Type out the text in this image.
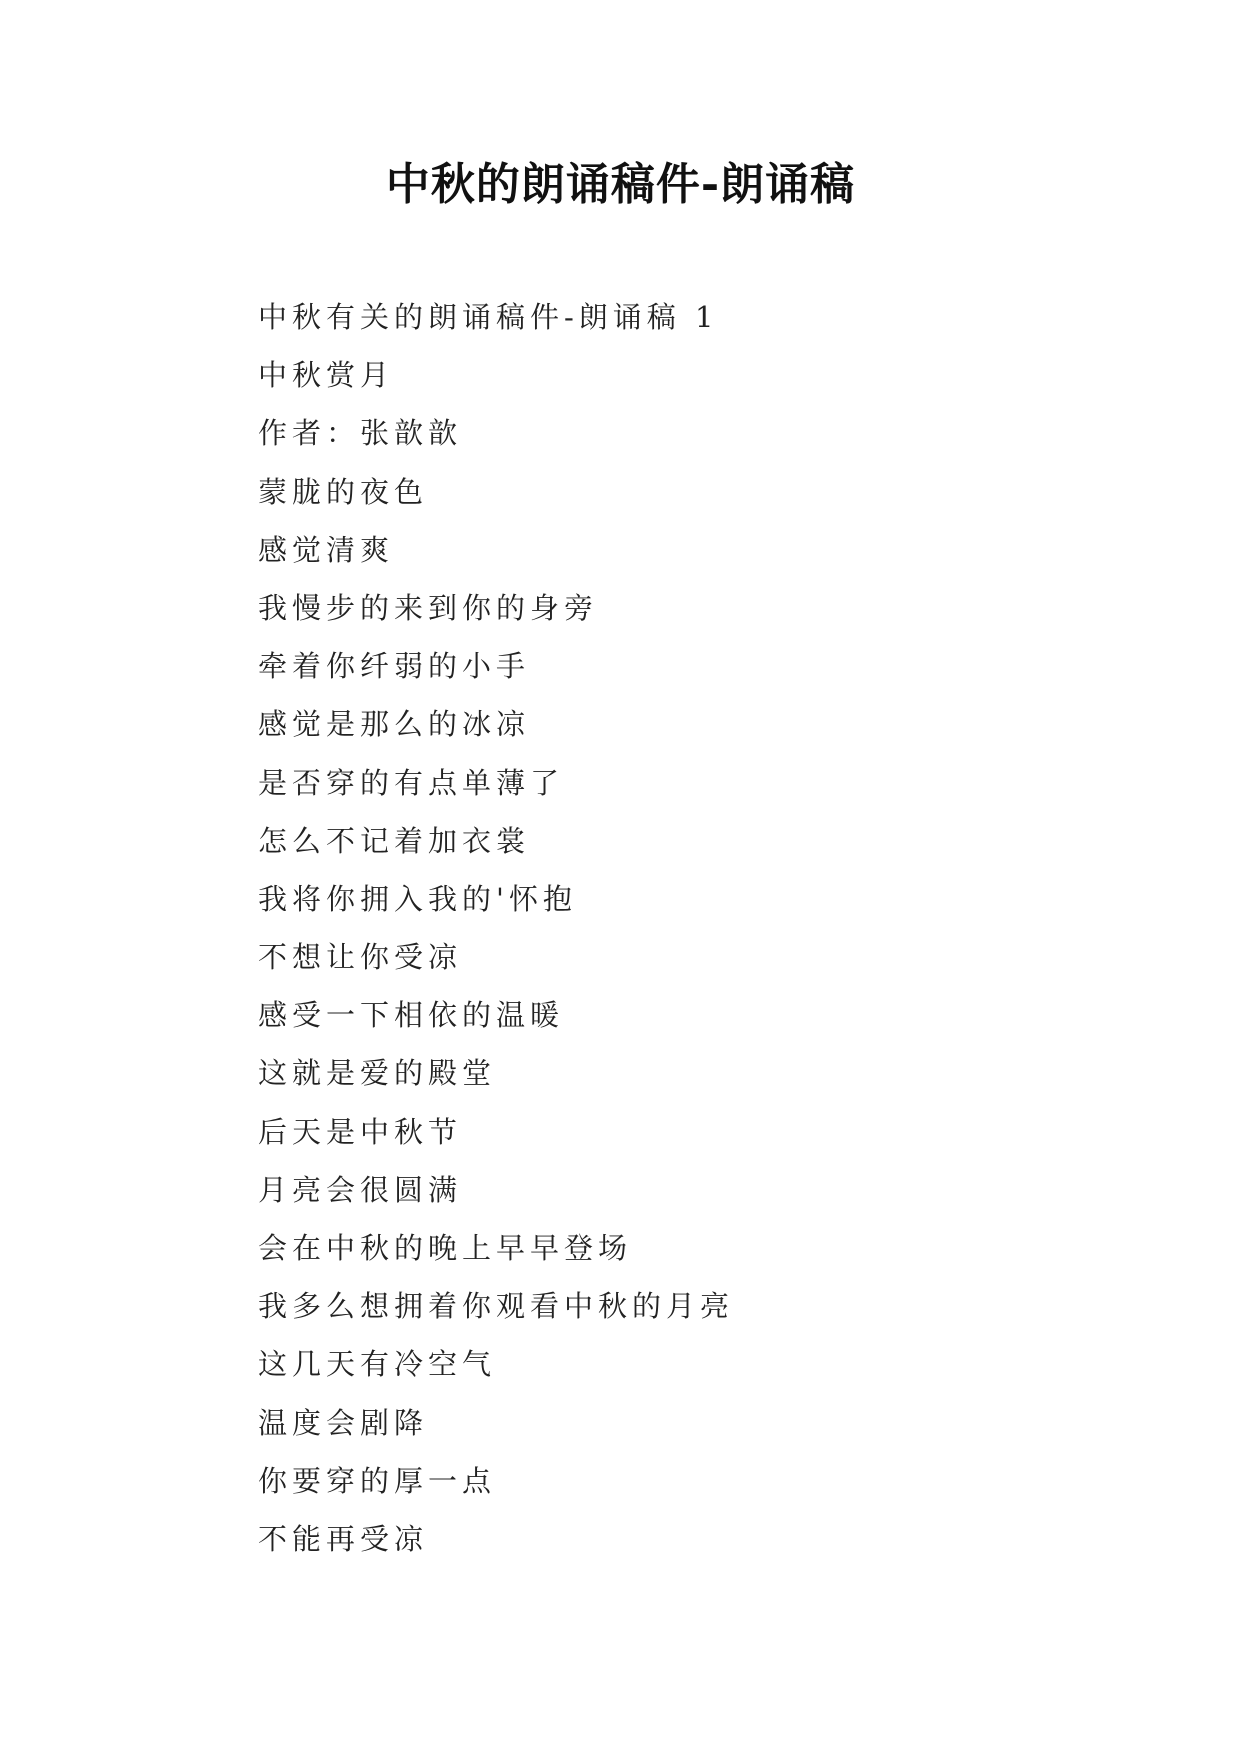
中秋的朗诵稿件-朗诵稿
中秋有关的朗诵稿件-朗诵稿 1
中秋赏月
作者：张歆歆
蒙胧的夜色
感觉清爽
我慢步的来到你的身旁
牵着你纤弱的小手
感觉是那么的冰凉
是否穿的有点单薄了
怎么不记着加衣裳
我将你拥入我的'怀抱
不想让你受凉
感受一下相依的温暖
这就是爱的殿堂
后天是中秋节
月亮会很圆满
会在中秋的晚上早早登场
我多么想拥着你观看中秋的月亮
这几天有冷空气
温度会剧降
你要穿的厚一点
不能再受凉
